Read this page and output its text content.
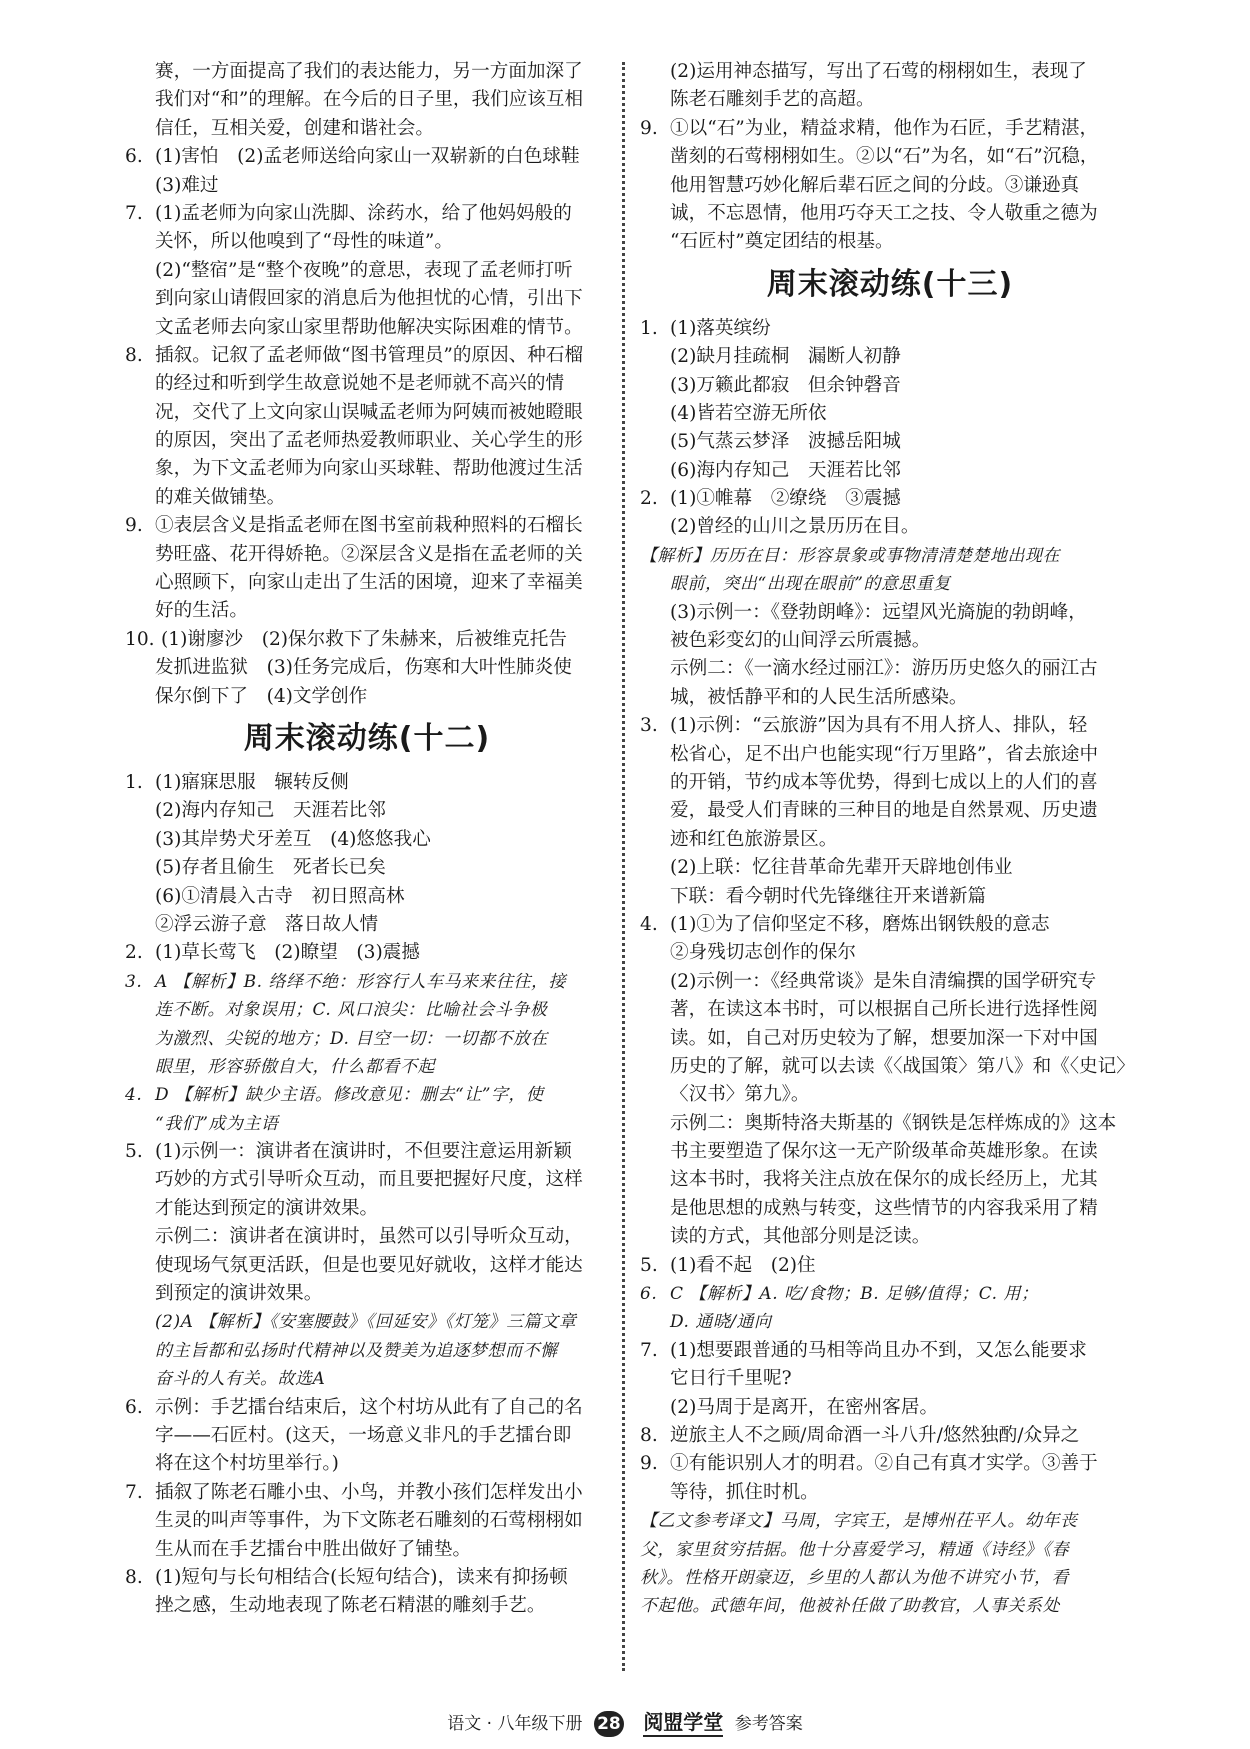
赛，一方面提高了我们的表达能力，另一方面加深了
我们对“和”的理解。在今后的日子里，我们应该互相
信任，互相关爱，创建和谐社会。
6. (1)害怕　(2)孟老师送给向家山一双崭新的白色球鞋
(3)难过
7. (1)孟老师为向家山洗脚、涂药水，给了他妈妈般的
关怀，所以他嗅到了“母性的味道”。
(2)“整宿”是“整个夜晚”的意思，表现了孟老师打听
到向家山请假回家的消息后为他担忧的心情，引出下
文孟老师去向家山家里帮助他解决实际困难的情节。
8. 插叙。记叙了孟老师做“图书管理员”的原因、种石榴
的经过和听到学生故意说她不是老师就不高兴的情
况，交代了上文向家山误喊孟老师为阿姨而被她瞪眼
的原因，突出了孟老师热爱教师职业、关心学生的形
象，为下文孟老师为向家山买球鞋、帮助他渡过生活
的难关做铺垫。
9. ①表层含义是指孟老师在图书室前栽种照料的石榴长
势旺盛、花开得娇艳。②深层含义是指在孟老师的关
心照顾下，向家山走出了生活的困境，迎来了幸福美
好的生活。
10. (1)谢廖沙　(2)保尔救下了朱赫来，后被维克托告
发抓进监狱　(3)任务完成后，伤寒和大叶性肺炎使
保尔倒下了　(4)文学创作
周末滚动练(十二)
1. (1)寤寐思服　辗转反侧
(2)海内存知己　天涯若比邻
(3)其岸势犬牙差互　(4)悠悠我心
(5)存者且偷生　死者长已矣
(6)①清晨入古寺　初日照高林
②浮云游子意　落日故人情
2. (1)草长莺飞　(2)瞭望　(3)震撼
3. A 【解析】B. 络绎不绝：形容行人车马来来往往，接
连不断。对象误用；C. 风口浪尖：比喻社会斗争极
为激烈、尖锐的地方；D. 目空一切：一切都不放在
眼里，形容骄傲自大，什么都看不起
4. D 【解析】缺少主语。修改意见：删去“让”字，使
“我们”成为主语
5. (1)示例一：演讲者在演讲时，不但要注意运用新颖
巧妙的方式引导听众互动，而且要把握好尺度，这样
才能达到预定的演讲效果。
示例二：演讲者在演讲时，虽然可以引导听众互动，
使现场气氛更活跃，但是也要见好就收，这样才能达
到预定的演讲效果。
(2)A 【解析】《安塞腰鼓》《回延安》《灯笼》三篇文章
的主旨都和弘扬时代精神以及赞美为追逐梦想而不懈
奋斗的人有关。故选A
6. 示例：手艺擂台结束后，这个村坊从此有了自己的名
字——石匠村。(这天，一场意义非凡的手艺擂台即
将在这个村坊里举行。)
7. 插叙了陈老石雕小虫、小鸟，并教小孩们怎样发出小
生灵的叫声等事件，为下文陈老石雕刻的石莺栩栩如
生从而在手艺擂台中胜出做好了铺垫。
8. (1)短句与长句相结合(长短句结合)，读来有抑扬顿
挫之感，生动地表现了陈老石精湛的雕刻手艺。
(2)运用神态描写，写出了石莺的栩栩如生，表现了
陈老石雕刻手艺的高超。
9. ①以“石”为业，精益求精，他作为石匠，手艺精湛，
凿刻的石莺栩栩如生。②以“石”为名，如“石”沉稳，
他用智慧巧妙化解后辈石匠之间的分歧。③谦逊真
诚，不忘恩情，他用巧夺天工之技、令人敬重之德为
“石匠村”奠定团结的根基。
周末滚动练(十三)
1. (1)落英缤纷
(2)缺月挂疏桐　漏断人初静
(3)万籁此都寂　但余钟磬音
(4)皆若空游无所依
(5)气蒸云梦泽　波撼岳阳城
(6)海内存知己　天涯若比邻
2. (1)①帷幕　②缭绕　③震撼
(2)曾经的山川之景历历在目。
【解析】历历在目：形容景象或事物清清楚楚地出现在
眼前，突出“出现在眼前”的意思重复
(3)示例一：《登勃朗峰》：远望风光旖旎的勃朗峰，
被色彩变幻的山间浮云所震撼。
示例二：《一滴水经过丽江》：游历历史悠久的丽江古
城，被恬静平和的人民生活所感染。
3. (1)示例：“云旅游”因为具有不用人挤人、排队，轻
松省心，足不出户也能实现“行万里路”，省去旅途中
的开销，节约成本等优势，得到七成以上的人们的喜
爱，最受人们青睐的三种目的地是自然景观、历史遗
迹和红色旅游景区。
(2)上联：忆往昔革命先辈开天辟地创伟业
下联：看今朝时代先锋继往开来谱新篇
4. (1)①为了信仰坚定不移，磨炼出钢铁般的意志
②身残切志创作的保尔
(2)示例一：《经典常谈》是朱自清编撰的国学研究专
著，在读这本书时，可以根据自己所长进行选择性阅
读。如，自己对历史较为了解，想要加深一下对中国
历史的了解，就可以去读《〈战国策〉第八》和《〈史记〉
〈汉书〉第九》。
示例二：奥斯特洛夫斯基的《钢铁是怎样炼成的》这本
书主要塑造了保尔这一无产阶级革命英雄形象。在读
这本书时，我将关注点放在保尔的成长经历上，尤其
是他思想的成熟与转变，这些情节的内容我采用了精
读的方式，其他部分则是泛读。
5. (1)看不起　(2)住
6. C 【解析】A. 吃/食物；B. 足够/值得；C. 用；
D. 通晓/通向
7. (1)想要跟普通的马相等尚且办不到，又怎么能要求
它日行千里呢?
(2)马周于是离开，在密州客居。
8. 逆旅主人不之顾/周命酒一斗八升/悠然独酌/众异之
9. ①有能识别人才的明君。②自己有真才实学。③善于
等待，抓住时机。
【乙文参考译文】马周，字宾王，是博州茌平人。幼年丧
父，家里贫穷拮据。他十分喜爱学习，精通《诗经》《春
秋》。性格开朗豪迈，乡里的人都认为他不讲究小节，看
不起他。武德年间，他被补任做了助教官，人事关系处
语文 · 八年级下册 28 阅盟学堂 参考答案
